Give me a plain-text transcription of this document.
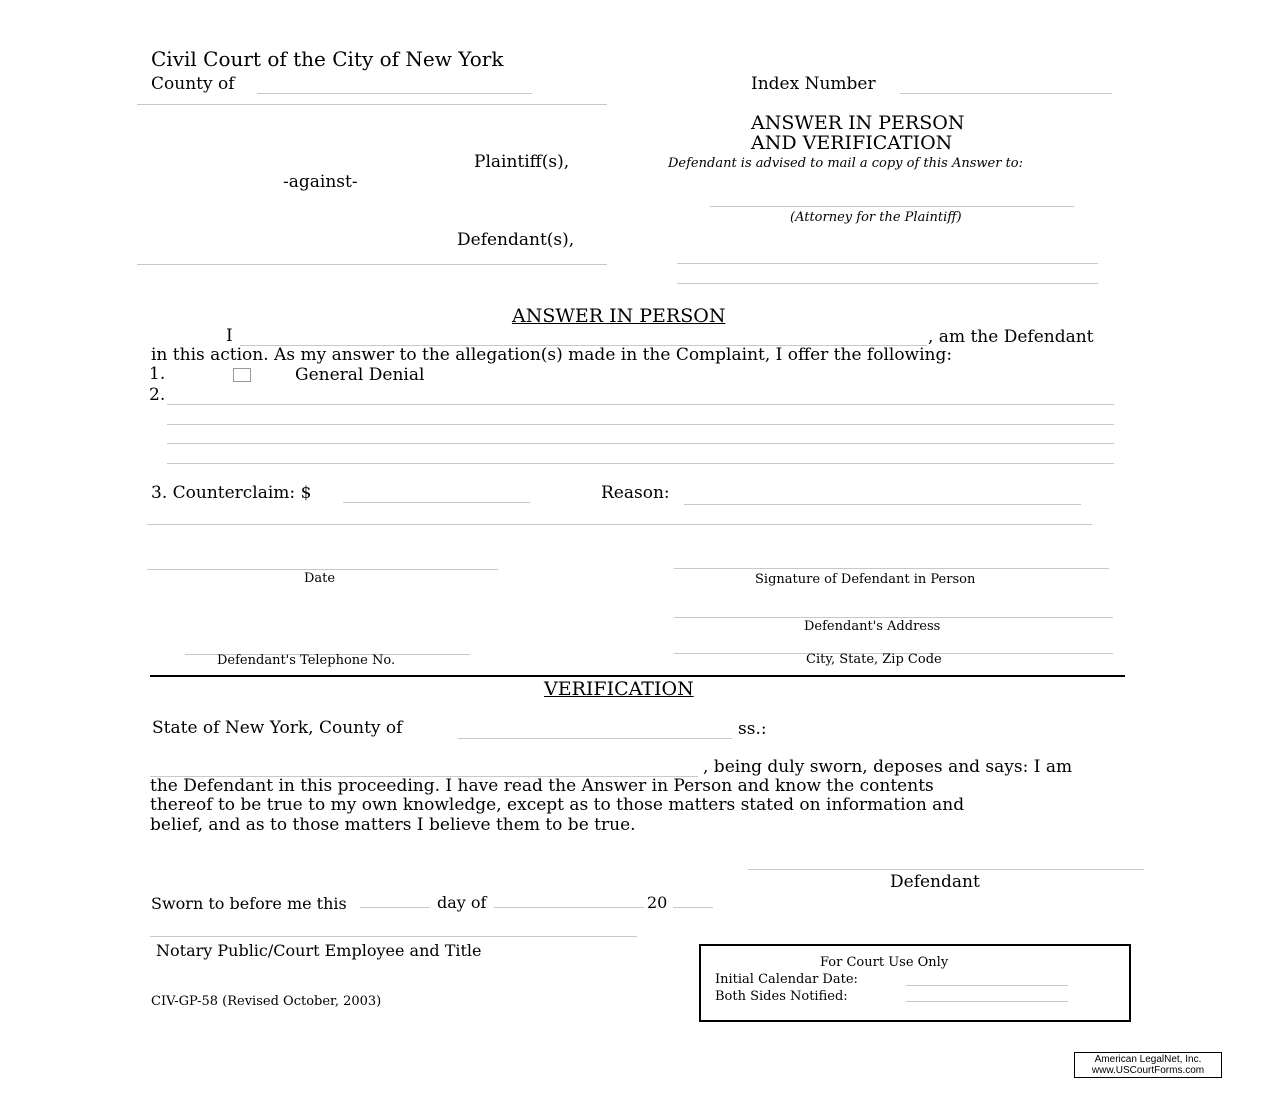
Civil Court of the City of New York
County of	Index Number
Plaintiff(s),
-against-
Defendant(s),
ANSWER IN PERSON
AND VERIFICATION
Defendant is advised to mail a copy of this Answer to:
(Attorney for the Plaintiff)
ANSWER IN PERSON
I	, am the Defendant
in this action. As my answer to the allegation(s) made in the Complaint, I offer the following:
1.	General Denial
2.
3. Counterclaim: $	Reason:
Date	Signature of Defendant in Person
Defendant's Address
Defendant's Telephone No.	City, State, Zip Code
VERIFICATION
State of New York, County of	ss.:
, being duly sworn, deposes and says: I am
the Defendant in this proceeding. I have read the Answer in Person and know the contents
thereof to be true to my own knowledge, except as to those matters stated on information and
belief, and as to those matters I believe them to be true.
Defendant
Sworn to before me this	day of	20
Notary Public/Court Employee and Title
For Court Use Only
Initial Calendar Date:
Both Sides Notified:
CIV-GP-58 (Revised October, 2003)
American LegalNet, Inc.
www.USCourtForms.com
